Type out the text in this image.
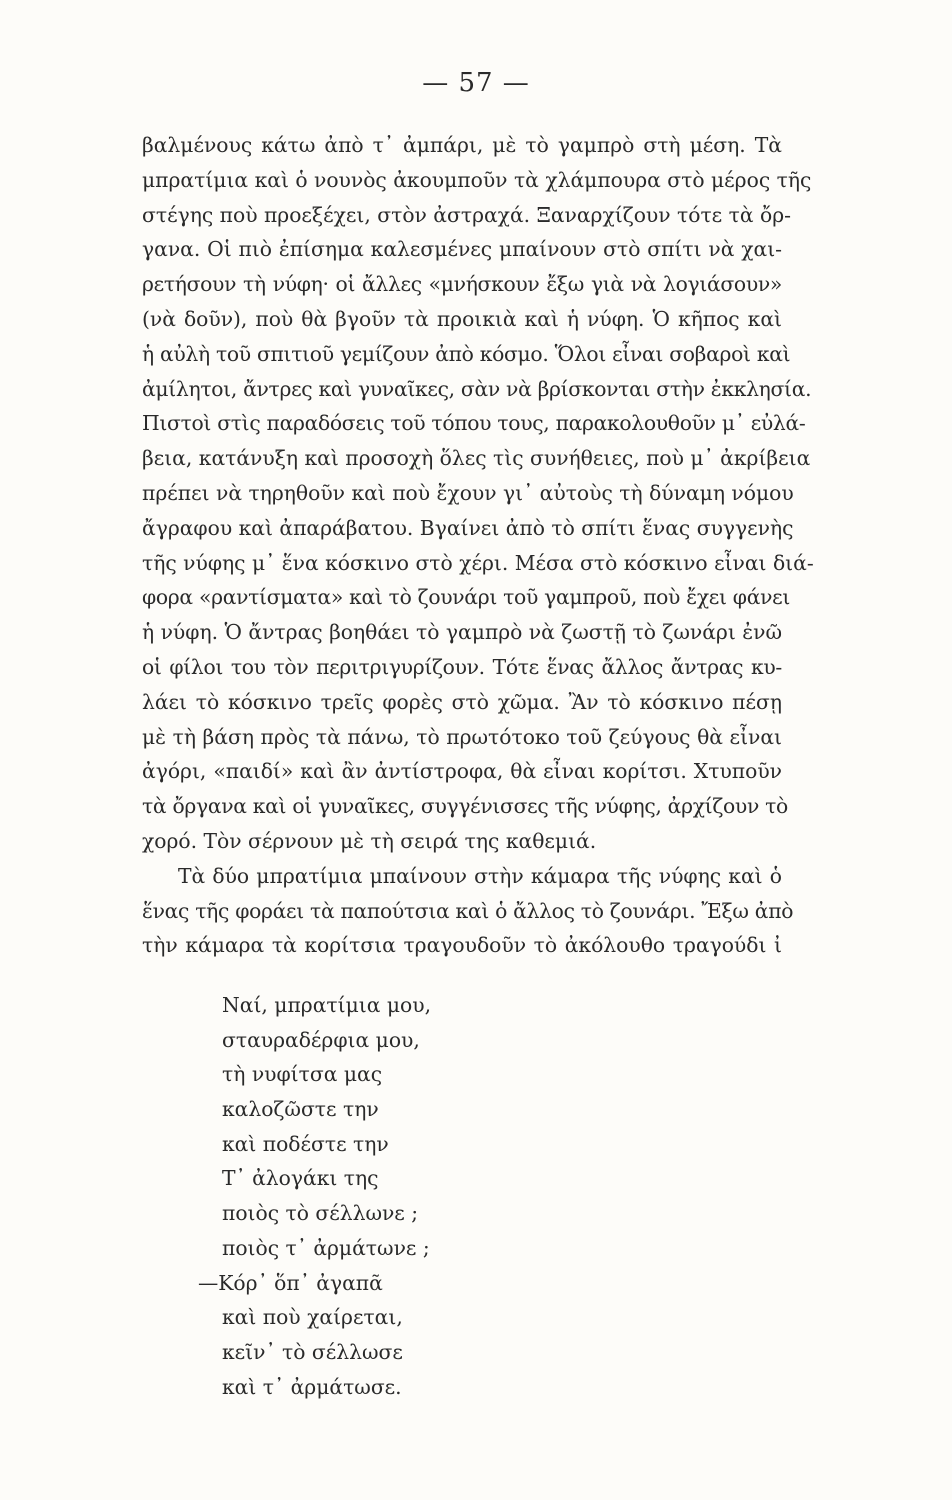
— 57 —
βαλμένους κάτω ἀπὸ τ᾽ ἀμπάρι, μὲ τὸ γαμπρὸ στὴ μέση. Τὰ
μπρατίμια καὶ ὁ νουνὸς ἀκουμποῦν τὰ χλάμπουρα στὸ μέρος τῆς
στέγης ποὺ προεξέχει, στὸν ἀστραχά. Ξαναρχίζουν τότε τὰ ὄρ-
γανα. Οἱ πιὸ ἐπίσημα καλεσμένες μπαίνουν στὸ σπίτι νὰ χαι-
ρετήσουν τὴ νύφη· οἱ ἄλλες «μνήσκουν ἔξω γιὰ νὰ λογιάσουν»
(νὰ δοῦν), ποὺ θὰ βγοῦν τὰ προικιὰ καὶ ἡ νύφη. Ὁ κῆπος καὶ
ἡ αὐλὴ τοῦ σπιτιοῦ γεμίζουν ἀπὸ κόσμο. Ὅλοι εἶναι σοβαροὶ καὶ
ἀμίλητοι, ἄντρες καὶ γυναῖκες, σὰν νὰ βρίσκονται στὴν ἐκκλησία.
Πιστοὶ στὶς παραδόσεις τοῦ τόπου τους, παρακολουθοῦν μ᾽ εὐλά-
βεια, κατάνυξη καὶ προσοχὴ ὅλες τὶς συνήθειες, ποὺ μ᾽ ἀκρίβεια
πρέπει νὰ τηρηθοῦν καὶ ποὺ ἔχουν γι᾽ αὐτοὺς τὴ δύναμη νόμου
ἄγραφου καὶ ἀπαράβατου. Βγαίνει ἀπὸ τὸ σπίτι ἕνας συγγενὴς
τῆς νύφης μ᾽ ἕνα κόσκινο στὸ χέρι. Μέσα στὸ κόσκινο εἶναι διά-
φορα «ραντίσματα» καὶ τὸ ζουνάρι τοῦ γαμπροῦ, ποὺ ἔχει φάνει
ἡ νύφη. Ὁ ἄντρας βοηθάει τὸ γαμπρὸ νὰ ζωστῇ τὸ ζωνάρι ἐνῶ
οἱ φίλοι του τὸν περιτριγυρίζουν. Τότε ἕνας ἄλλος ἄντρας κυ-
λάει τὸ κόσκινο τρεῖς φορὲς στὸ χῶμα. Ἂν τὸ κόσκινο πέσῃ
μὲ τὴ βάση πρὸς τὰ πάνω, τὸ πρωτότοκο τοῦ ζεύγους θὰ εἶναι
ἀγόρι, «παιδί» καὶ ἂν ἀντίστροφα, θὰ εἶναι κορίτσι. Χτυποῦν
τὰ ὄργανα καὶ οἱ γυναῖκες, συγγένισσες τῆς νύφης, ἀρχίζουν τὸ
χορό. Τὸν σέρνουν μὲ τὴ σειρά της καθεμιά.
Τὰ δύο μπρατίμια μπαίνουν στὴν κάμαρα τῆς νύφης καὶ ὁ
ἕνας τῆς φοράει τὰ παπούτσια καὶ ὁ ἄλλος τὸ ζουνάρι. Ἔξω ἀπὸ
τὴν κάμαρα τὰ κορίτσια τραγουδοῦν τὸ ἀκόλουθο τραγούδι ἰ
Ναί, μπρατίμια μου,
σταυραδέρφια μου,
τὴ νυφίτσα μας
καλοζῶστε την
καὶ ποδέστε την
Τ᾽ ἀλογάκι της
ποιὸς τὸ σέλλωνε ;
ποιὸς τ᾽ ἀρμάτωνε ;
—Κόρ᾽ ὅπ᾽ ἀγαπᾶ
καὶ ποὺ χαίρεται,
κεῖν᾽ τὸ σέλλωσε
καὶ τ᾽ ἀρμάτωσε.
